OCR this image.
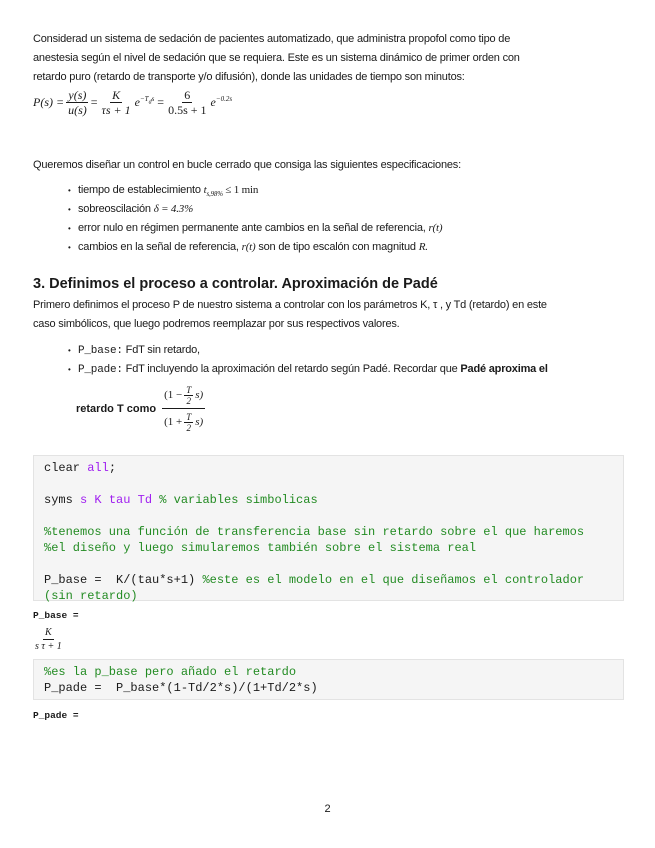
Considerad un sistema de sedación de pacientes automatizado, que administra propofol como tipo de
anestesia según el nivel de sedación que se requiera. Este es un sistema dinámico de primer orden con
retardo puro (retardo de transporte y/o difusión), donde las unidades de tiempo son minutos:

$P(s) = \frac{y(s)}{u(s)} = \frac{K}{\tau s + 1} e^{-T_ds} = \frac{6}{0.5s + 1} e^{-0.2s}$

Queremos diseñar un control en bucle cerrado que consiga las siguientes especificaciones:

• tiempo de establecimiento $t_{s,98\%} \le 1$ min
• sobreoscilación δ = 4.3%
• error nulo en régimen permanente ante cambios en la señal de referencia, r(t)
• cambios en la señal de referencia, r(t) son de tipo escalón con magnitud R.
3. Definimos el proceso a controlar. Aproximación de Padé

Primero definimos el proceso P de nuestro sistema a controlar con los parámetros K, τ , y Td (retardo) en este
caso simbólicos, que luego podremos reemplazar por sus respectivos valores.

• P_base: FdT sin retardo,
• P_pade: FdT incluyendo la aproximación del retardo según Padé. Recordar que Padé aproxima el
retardo T como $\frac{(1 - \frac{T}{2} s)}{(1 + \frac{T}{2} s)}$
clear all;

syms s K tau Td % variables simbolicas

%tenemos una función de transferencia base sin retardo sobre el que haremos
%el diseño y luego simularemos también sobre el sistema real

P_base =  K/(tau*s+1) %este es el modelo en el que diseñamos el controlador
(sin retardo)
P_base =
$\frac{K}{\text{s τ + 1}}$
%es la p_base pero añado el retardo
P_pade =  P_base*(1-Td/2*s)/(1+Td/2*s)
P_pade =
2
